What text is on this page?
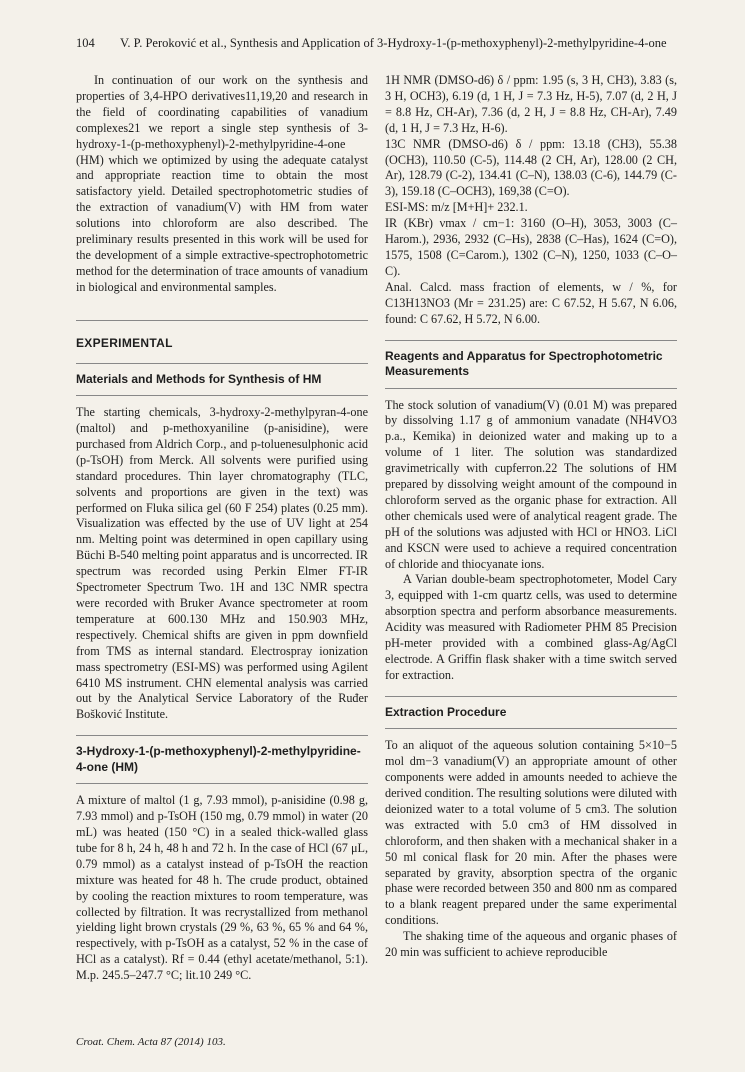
104 V. P. Peroković et al., Synthesis and Application of 3-Hydroxy-1-(p-methoxyphenyl)-2-methylpyridine-4-one

In continuation of our work on the synthesis and properties of 3,4-HPO derivatives11,19,20 and research in the field of coordinating capabilities of vanadium complexes21 we report a single step synthesis of 3-hydroxy-1-(p-methoxyphenyl)-2-methylpyridine-4-one (HM) which we optimized by using the adequate catalyst and appropriate reaction time to obtain the most satisfactory yield. Detailed spectrophotometric studies of the extraction of vanadium(V) with HM from water solutions into chloroform are also described. The preliminary results presented in this work will be used for the development of a simple extractive-spectrophotometric method for the determination of trace amounts of vanadium in biological and environmental samples.

EXPERIMENTAL
Materials and Methods for Synthesis of HM

The starting chemicals, 3-hydroxy-2-methylpyran-4-one (maltol) and p-methoxyaniline (p-anisidine), were purchased from Aldrich Corp., and p-toluenesulphonic acid (p-TsOH) from Merck. All solvents were purified using standard procedures. Thin layer chromatography (TLC, solvents and proportions are given in the text) was performed on Fluka silica gel (60 F 254) plates (0.25 mm). Visualization was effected by the use of UV light at 254 nm. Melting point was determined in open capillary using Büchi B-540 melting point apparatus and is uncorrected. IR spectrum was recorded using Perkin Elmer FT-IR Spectrometer Spectrum Two. 1H and 13C NMR spectra were recorded with Bruker Avance spectrometer at room temperature at 600.130 MHz and 150.903 MHz, respectively. Chemical shifts are given in ppm downfield from TMS as internal standard. Electrospray ionization mass spectrometry (ESI-MS) was performed using Agilent 6410 MS instrument. CHN elemental analysis was carried out by the Analytical Service Laboratory of the Ruđer Bošković Institute.

3-Hydroxy-1-(p-methoxyphenyl)-2-methylpyridine-4-one (HM)

A mixture of maltol (1 g, 7.93 mmol), p-anisidine (0.98 g, 7.93 mmol) and p-TsOH (150 mg, 0.79 mmol) in water (20 mL) was heated (150 °C) in a sealed thick-walled glass tube for 8 h, 24 h, 48 h and 72 h. In the case of HCl (67 μL, 0.79 mmol) as a catalyst instead of p-TsOH the reaction mixture was heated for 48 h. The crude product, obtained by cooling the reaction mixtures to room temperature, was collected by filtration. It was recrystallized from methanol yielding light brown crystals (29 %, 63 %, 65 % and 64 %, respectively, with p-TsOH as a catalyst, 52 % in the case of HCl as a catalyst). Rf = 0.44 (ethyl acetate/methanol, 5:1). M.p. 245.5–247.7 °C; lit.10 249 °C.

1H NMR (DMSO-d6) δ / ppm: 1.95 (s, 3 H, CH3), 3.83 (s, 3 H, OCH3), 6.19 (d, 1 H, J = 7.3 Hz, H-5), 7.07 (d, 2 H, J = 8.8 Hz, CH-Ar), 7.36 (d, 2 H, J = 8.8 Hz, CH-Ar), 7.49 (d, 1 H, J = 7.3 Hz, H-6).

13C NMR (DMSO-d6) δ / ppm: 13.18 (CH3), 55.38 (OCH3), 110.50 (C-5), 114.48 (2 CH, Ar), 128.00 (2 CH, Ar), 128.79 (C-2), 134.41 (C–N), 138.03 (C-6), 144.79 (C-3), 159.18 (C–OCH3), 169,38 (C=O).

ESI-MS: m/z [M+H]+ 232.1.

IR (KBr) νmax / cm−1: 3160 (O–H), 3053, 3003 (C–Harom.), 2936, 2932 (C–Hs), 2838 (C–Has), 1624 (C=O), 1575, 1508 (C=Carom.), 1302 (C–N), 1250, 1033 (C–O–C).

Anal. Calcd. mass fraction of elements, w / %, for C13H13NO3 (Mr = 231.25) are: C 67.52, H 5.67, N 6.06, found: C 67.62, H 5.72, N 6.00.

Reagents and Apparatus for Spectrophotometric Measurements

The stock solution of vanadium(V) (0.01 M) was prepared by dissolving 1.17 g of ammonium vanadate (NH4VO3 p.a., Kemika) in deionized water and making up to a volume of 1 liter. The solution was standardized gravimetrically with cupferron.22 The solutions of HM prepared by dissolving weight amount of the compound in chloroform served as the organic phase for extraction. All other chemicals used were of analytical reagent grade. The pH of the solutions was adjusted with HCl or HNO3. LiCl and KSCN were used to achieve a required concentration of chloride and thiocyanate ions.

A Varian double-beam spectrophotometer, Model Cary 3, equipped with 1-cm quartz cells, was used to determine absorption spectra and perform absorbance measurements. Acidity was measured with Radiometer PHM 85 Precision pH-meter provided with a combined glass-Ag/AgCl electrode. A Griffin flask shaker with a time switch served for extraction.

Extraction Procedure

To an aliquot of the aqueous solution containing 5×10−5 mol dm−3 vanadium(V) an appropriate amount of other components were added in amounts needed to achieve the derived condition. The resulting solutions were diluted with deionized water to a total volume of 5 cm3. The solution was extracted with 5.0 cm3 of HM dissolved in chloroform, and then shaken with a mechanical shaker in a 50 ml conical flask for 20 min. After the phases were separated by gravity, absorption spectra of the organic phase were recorded between 350 and 800 nm as compared to a blank reagent prepared under the same experimental conditions.

The shaking time of the aqueous and organic phases of 20 min was sufficient to achieve reproducible

Croat. Chem. Acta 87 (2014) 103.
